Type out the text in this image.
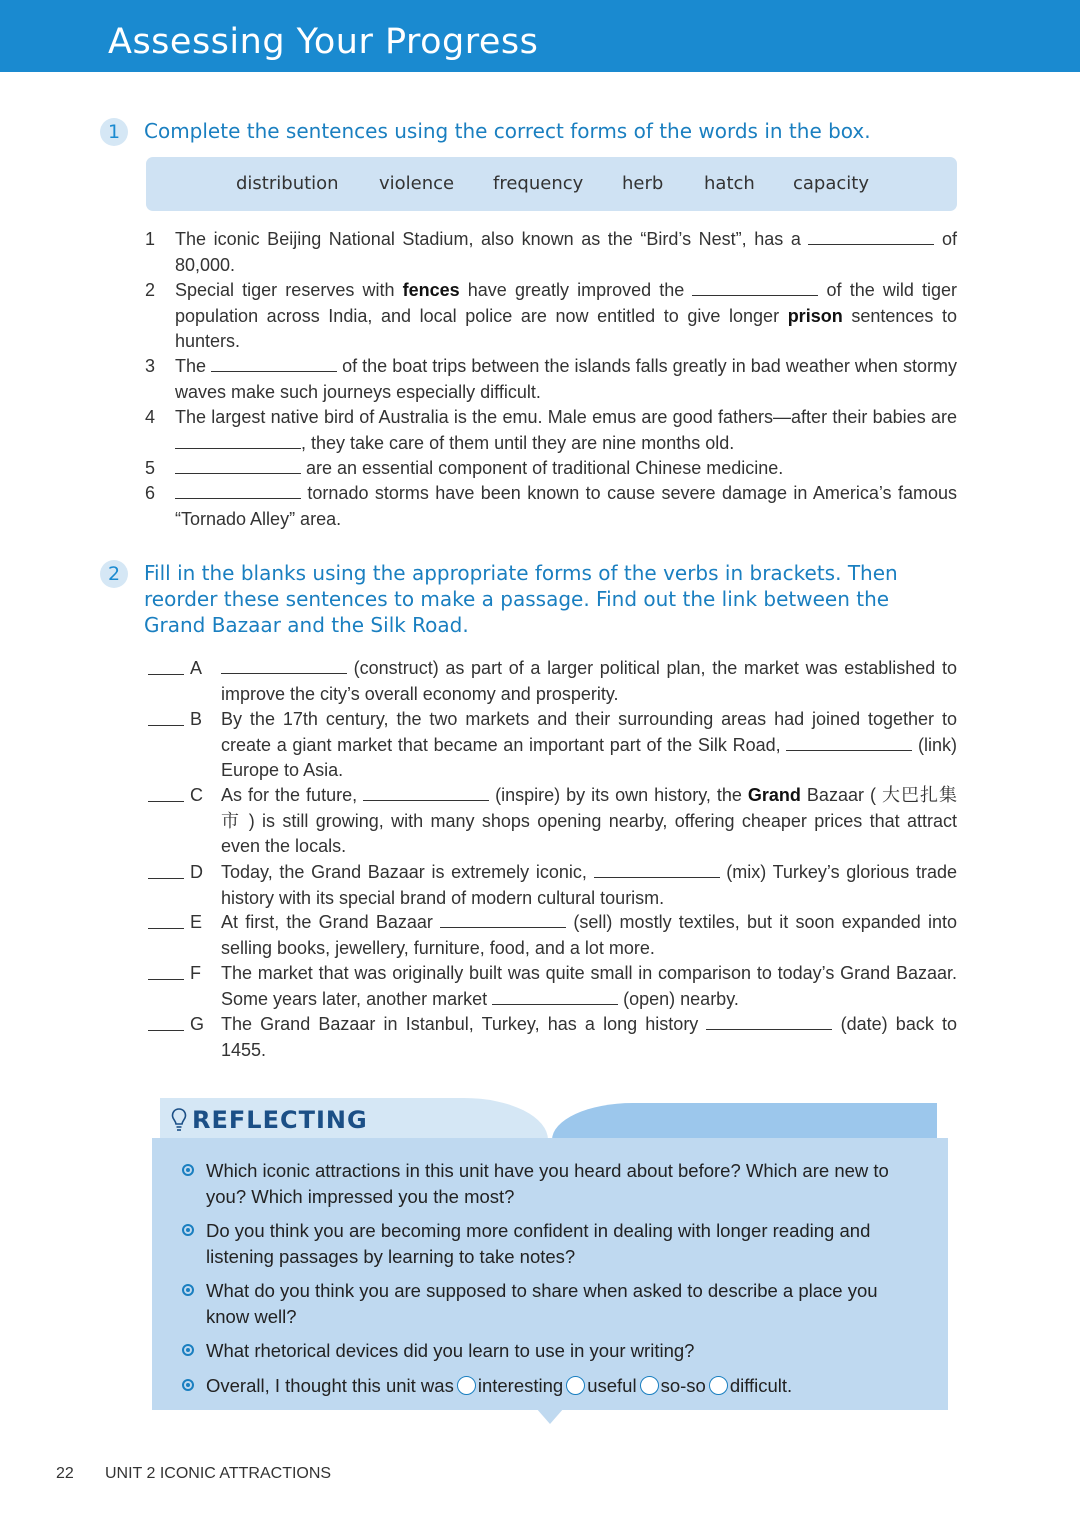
Assessing Your Progress
1	Complete the sentences using the correct forms of the words in the box.
distribution violence frequency herb hatch capacity
1 The iconic Beijing National Stadium, also known as the “Bird’s Nest”, has a	of 80,000.
2 Special tiger reserves with fences have greatly improved the	of the wild tiger population across India, and local police are now entitled to give longer prison sentences to hunters.
3 The	of the boat trips between the islands falls greatly in bad weather when stormy waves make such journeys especially difficult.
4 The largest native bird of Australia is the emu. Male emus are good fathers—after their babies are , they take care of them until they are nine months old.
5	are an essential component of traditional Chinese medicine.
6	tornado storms have been known to cause severe damage in America’s famous “Tornado Alley” area.
2	Fill in the blanks using the appropriate forms of the verbs in brackets. Then reorder these sentences to make a passage. Find out the link between the Grand Bazaar and the Silk Road.
A	(construct) as part of a larger political plan, the market was established to improve the city’s overall economy and prosperity.
B By the 17th century, the two markets and their surrounding areas had joined together to create a giant market that became an important part of the Silk Road,	(link) Europe to Asia.
C As for the future,	(inspire) by its own history, the Grand Bazaar ( 大巴扎集市 ) is still growing, with many shops opening nearby, offering cheaper prices that attract even the locals.
D Today, the Grand Bazaar is extremely iconic,	(mix) Turkey’s glorious trade history with its special brand of modern cultural tourism.
E At first, the Grand Bazaar	(sell) mostly textiles, but it soon expanded into selling books, jewellery, furniture, food, and a lot more.
F The market that was originally built was quite small in comparison to today’s Grand Bazaar. Some years later, another market	(open) nearby.
G The Grand Bazaar in Istanbul, Turkey, has a long history	(date) back to 1455.
REFLECTING
Which iconic attractions in this unit have you heard about before? Which are new to you? Which impressed you the most?
Do you think you are becoming more confident in dealing with longer reading and listening passages by learning to take notes?
What do you think you are supposed to share when asked to describe a place you know well?
What rhetorical devices did you learn to use in your writing?
Overall, I thought this unit was interesting useful so-so difficult.
22 UNIT 2 ICONIC ATTRACTIONS
